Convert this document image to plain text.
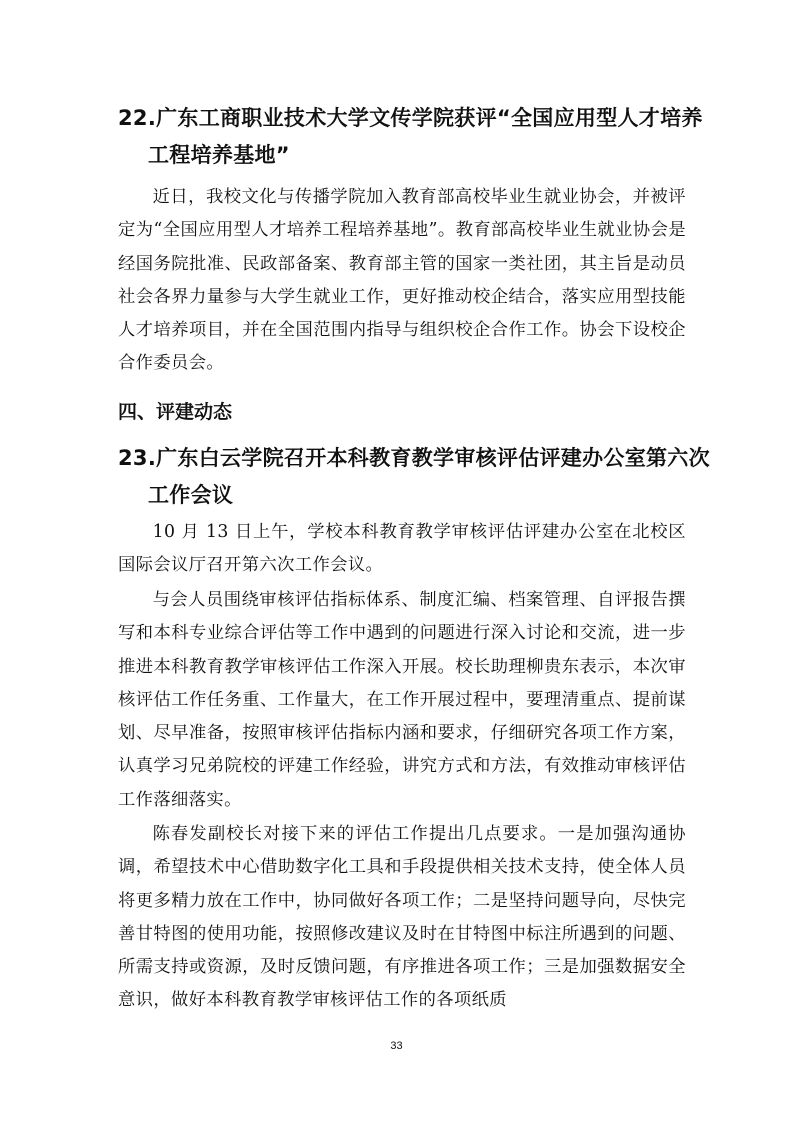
22.广东工商职业技术大学文传学院获评“全国应用型人才培养
工程培养基地”

近日，我校文化与传播学院加入教育部高校毕业生就业协会，并被评定为“全国应用型人才培养工程培养基地”。教育部高校毕业生就业协会是经国务院批准、民政部备案、教育部主管的国家一类社团，其主旨是动员社会各界力量参与大学生就业工作，更好推动校企结合，落实应用型技能人才培养项目，并在全国范围内指导与组织校企合作工作。协会下设校企合作委员会。

四、评建动态
23.广东白云学院召开本科教育教学审核评估评建办公室第六次
工作会议

10 月 13 日上午，学校本科教育教学审核评估评建办公室在北校区国际会议厅召开第六次工作会议。

与会人员围绕审核评估指标体系、制度汇编、档案管理、自评报告撰写和本科专业综合评估等工作中遇到的问题进行深入讨论和交流，进一步推进本科教育教学审核评估工作深入开展。校长助理柳贵东表示，本次审核评估工作任务重、工作量大，在工作开展过程中，要理清重点、提前谋划、尽早准备，按照审核评估指标内涵和要求，仔细研究各项工作方案，认真学习兄弟院校的评建工作经验，讲究方式和方法，有效推动审核评估工作落细落实。

陈春发副校长对接下来的评估工作提出几点要求。一是加强沟通协调，希望技术中心借助数字化工具和手段提供相关技术支持，使全体人员将更多精力放在工作中，协同做好各项工作；二是坚持问题导向，尽快完善甘特图的使用功能，按照修改建议及时在甘特图中标注所遇到的问题、所需支持或资源，及时反馈问题，有序推进各项工作；三是加强数据安全意识，做好本科教育教学审核评估工作的各项纸质

33
